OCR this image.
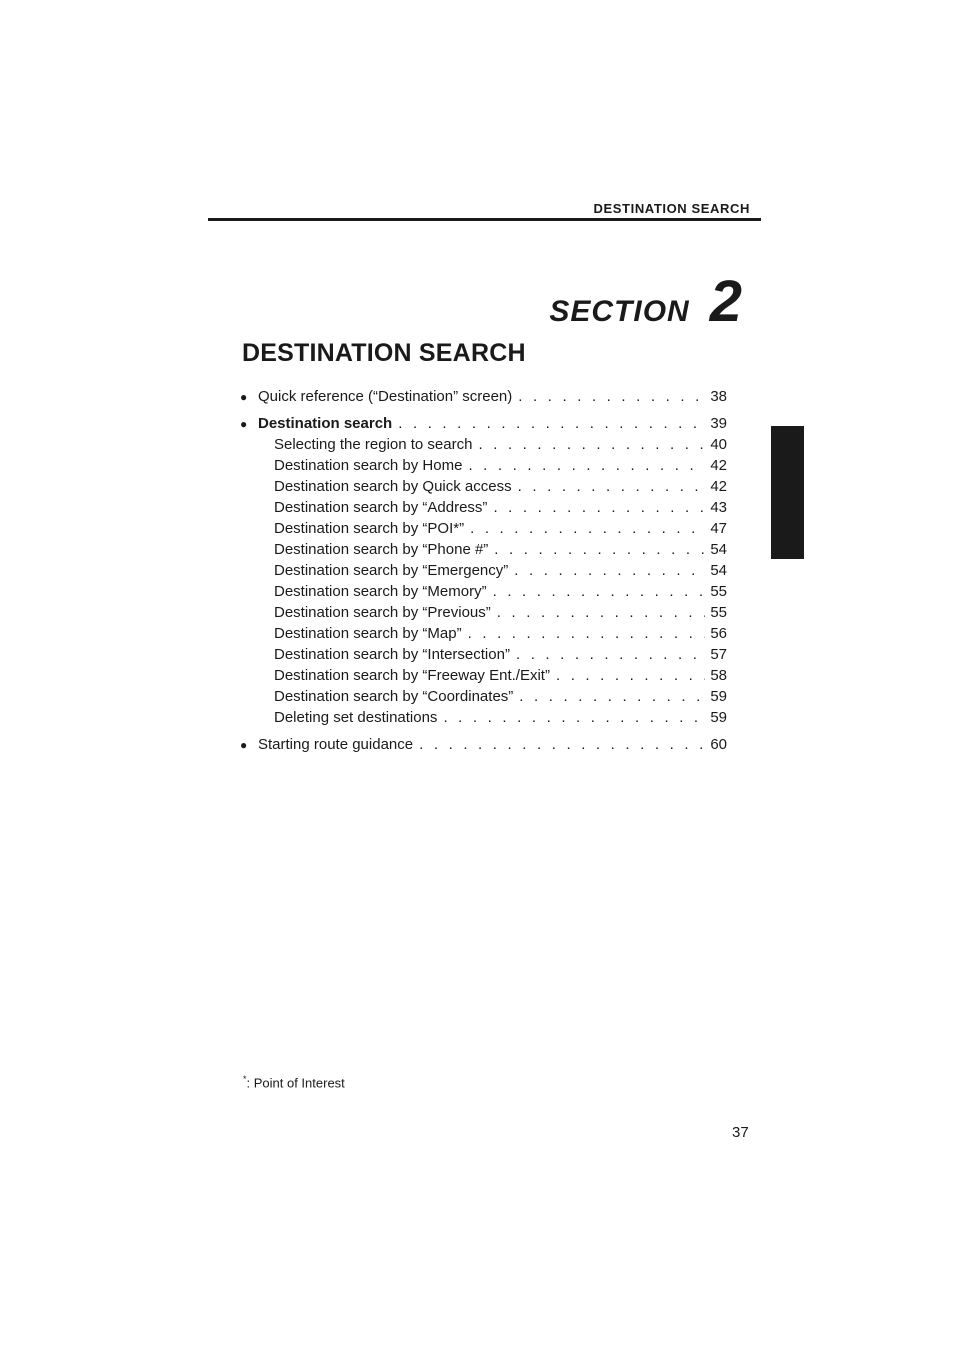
DESTINATION SEARCH
SECTION 2
DESTINATION SEARCH
● Quick reference (“Destination” screen) . . .	38
● Destination search . . .	39
Selecting the region to search . . .	40
Destination search by Home . . .	42
Destination search by Quick access . . .	42
Destination search by “Address” . . .	43
Destination search by “POI*” . . .	47
Destination search by “Phone #” . . .	54
Destination search by “Emergency” . . .	54
Destination search by “Memory” . . .	55
Destination search by “Previous” . . .	55
Destination search by “Map” . . .	56
Destination search by “Intersection” . . .	57
Destination search by “Freeway Ent./Exit” . . .	58
Destination search by “Coordinates” . . .	59
Deleting set destinations . . .	59
● Starting route guidance . . .	60
*: Point of Interest
37
